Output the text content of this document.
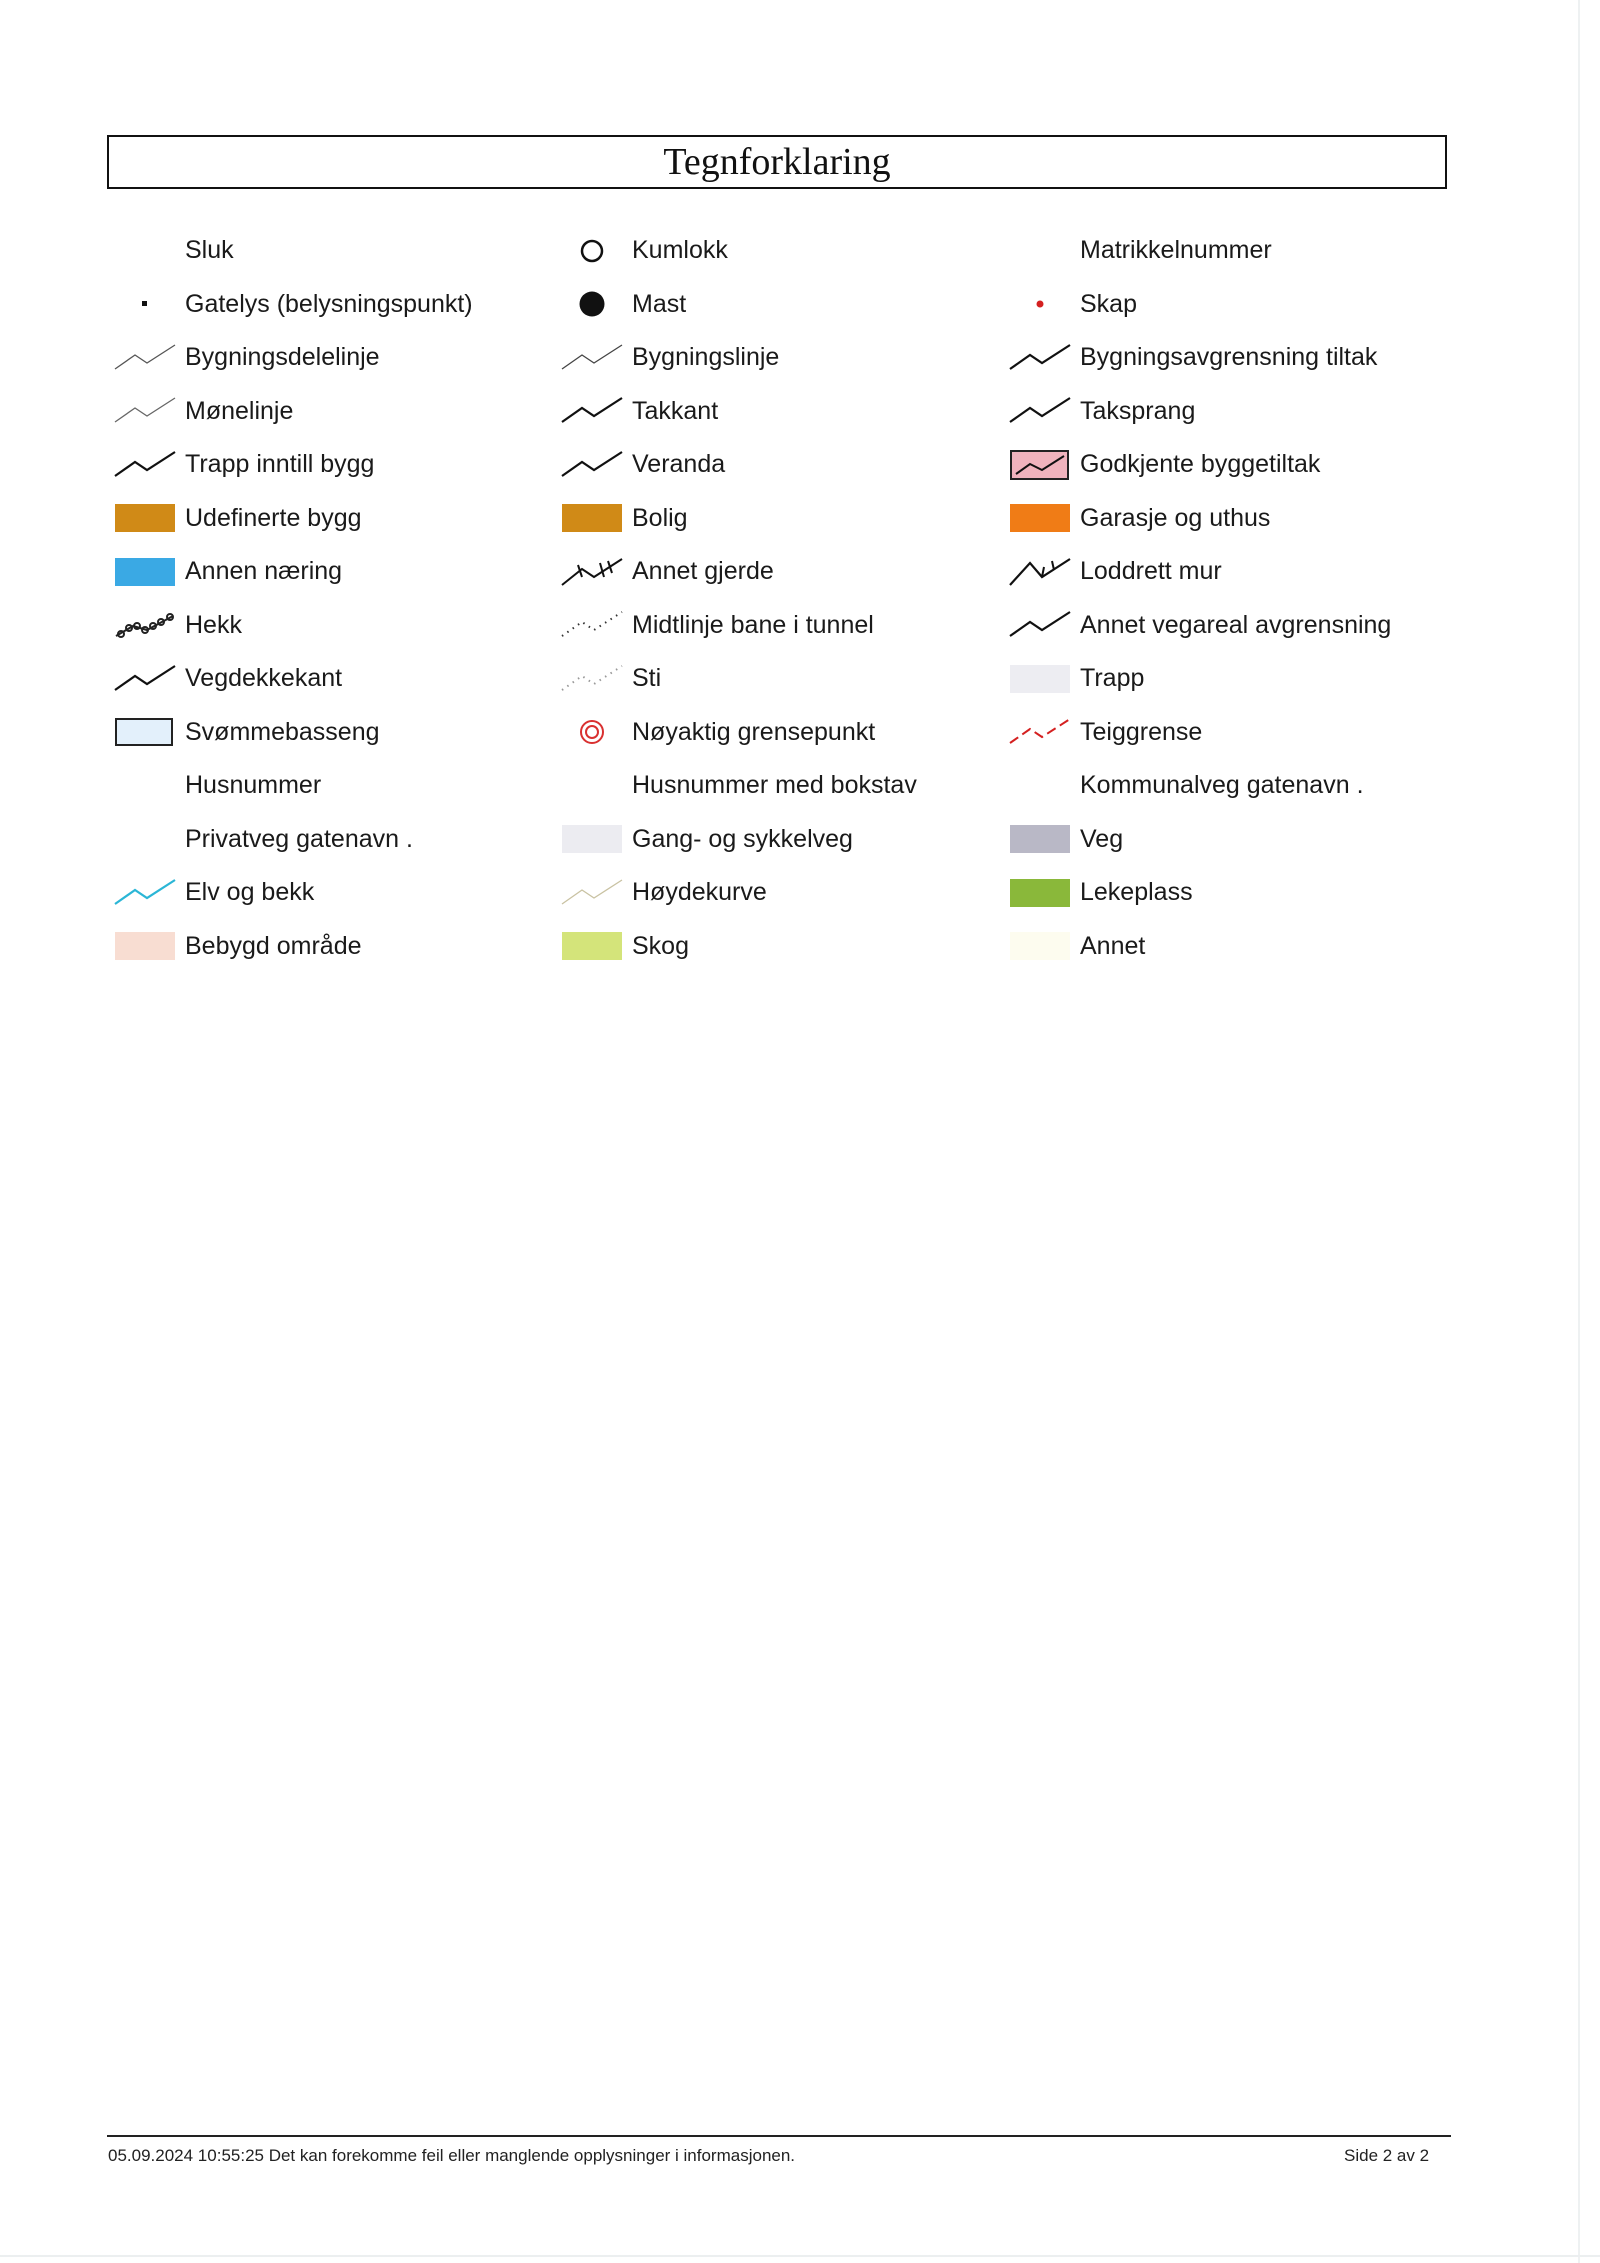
Tegnforklaring
Sluk
Gatelys (belysningspunkt)
Bygningsdelelinje
Mønelinje
Trapp inntill bygg
Udefinerte bygg
Annen næring
Hekk
Vegdekkekant
Svømmebasseng
Husnummer
Privatveg gatenavn .
Elv og bekk
Bebygd område
Kumlokk
Mast
Bygningslinje
Takkant
Veranda
Bolig
Annet gjerde
Midtlinje bane i tunnel
Sti
Nøyaktig grensepunkt
Husnummer med bokstav
Gang- og sykkelveg
Høydekurve
Skog
Matrikkelnummer
Skap
Bygningsavgrensning tiltak
Taksprang
Godkjente byggetiltak
Garasje og uthus
Loddrett mur
Annet vegareal avgrensning
Trapp
Teiggrense
Kommunalveg gatenavn .
Veg
Lekeplass
Annet
05.09.2024 10:55:25 Det kan forekomme feil eller manglende opplysninger i informasjonen.	Side 2 av 2
